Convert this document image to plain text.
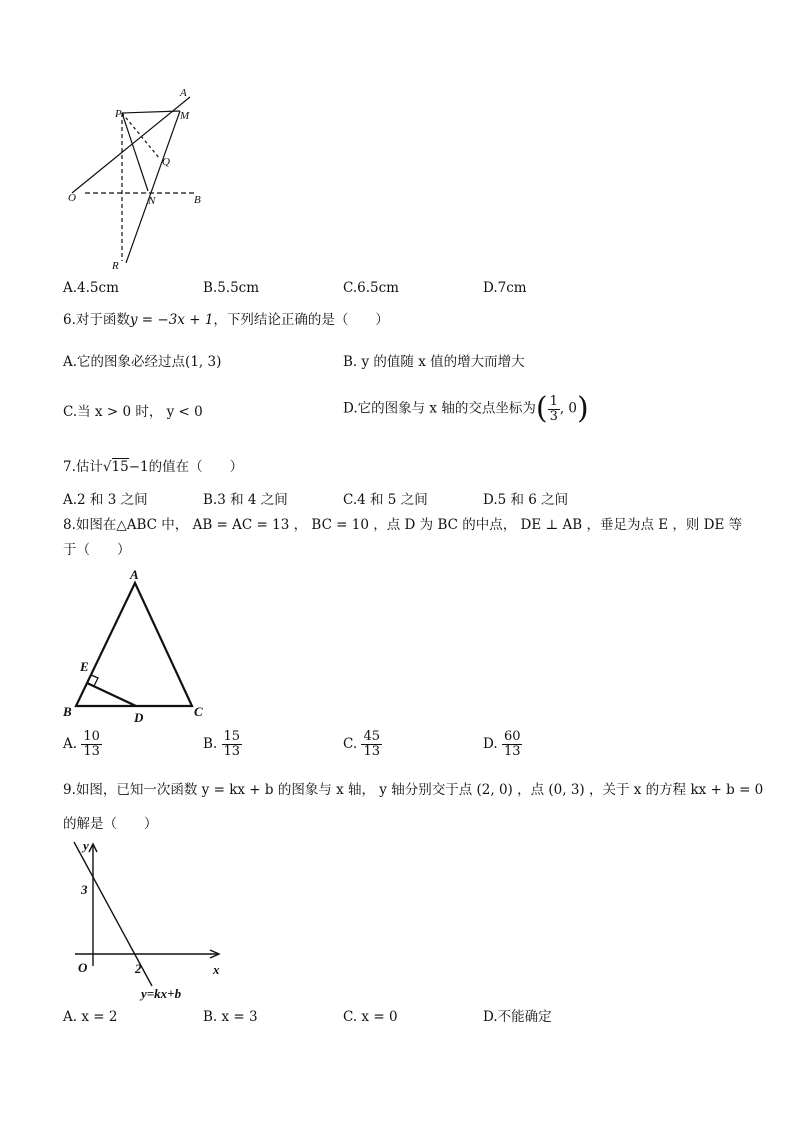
A
P	M
Q
O	N	B
R
A.4.5cm	B.5.5cm	C.6.5cm	D.7cm
6.对于函数y = −3x + 1，下列结论正确的是（　　）
A.它的图象必经过点(1, 3)	B. y 的值随 x 值的增大而增大
C.当 x > 0 时， y < 0	D.它的图象与 x 轴的交点坐标为( $\frac{1}{3}$ , 0)
7.估计√15−1的值在（　　）
A.2 和 3 之间	B.3 和 4 之间	C.4 和 5 之间	D.5 和 6 之间
8.如图在△ABC 中， AB = AC = 13 ， BC = 10 ，点 D 为 BC 的中点， DE ⊥ AB ，垂足为点 E ，则 DE 等
于（　　）
A
E
B	D	C
A. $\frac{10}{13}$	B. $\frac{15}{13}$	C. $\frac{45}{13}$	D. $\frac{60}{13}$
9.如图，已知一次函数 y = kx + b 的图象与 x 轴， y 轴分别交于点 (2, 0) ，点 (0, 3) ，关于 x 的方程 kx + b = 0
的解是（　　）
y
x
O
3
2
y=kx+b
A. x = 2	B. x = 3	C. x = 0	D.不能确定
